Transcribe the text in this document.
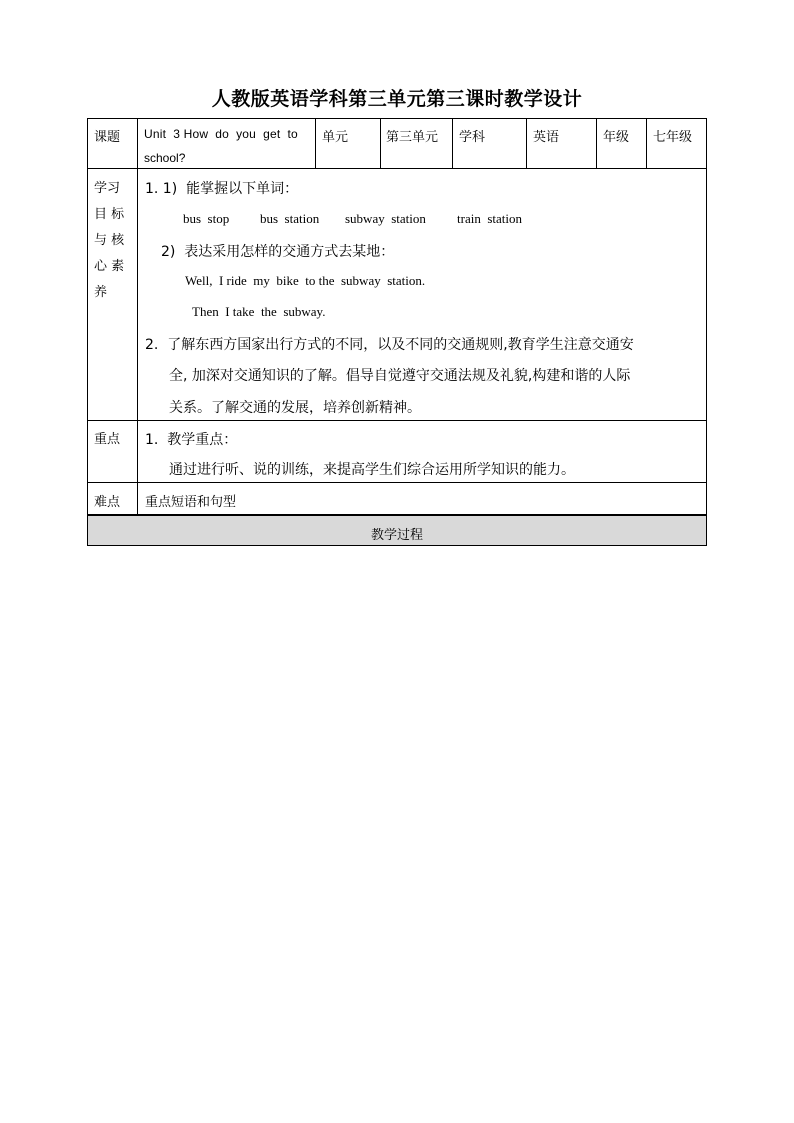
人教版英语学科第三单元第三课时教学设计
课题 Unit  3 How  do  you  get  to
school?
单元	第三单元 学科	英语	年级 七年级
学习
目 标
与 核
心 素
养
1. 1)  能掌握以下单词：
bus  stop bus  station subway  station train  station
2)  表达采用怎样的交通方式去某地：
Well,  I ride  my  bike  to the  subway  station.
Then  I take  the  subway.
2.  了解东西方国家出行方式的不同，以及不同的交通规则,教育学生注意交通安
全, 加深对交通知识的了解。倡导自觉遵守交通法规及礼貌,构建和谐的人际
关系。了解交通的发展，培养创新精神。
重点 1.  教学重点：
通过进行听、说的训练，来提高学生们综合运用所学知识的能力。
难点 重点短语和句型
教学过程
